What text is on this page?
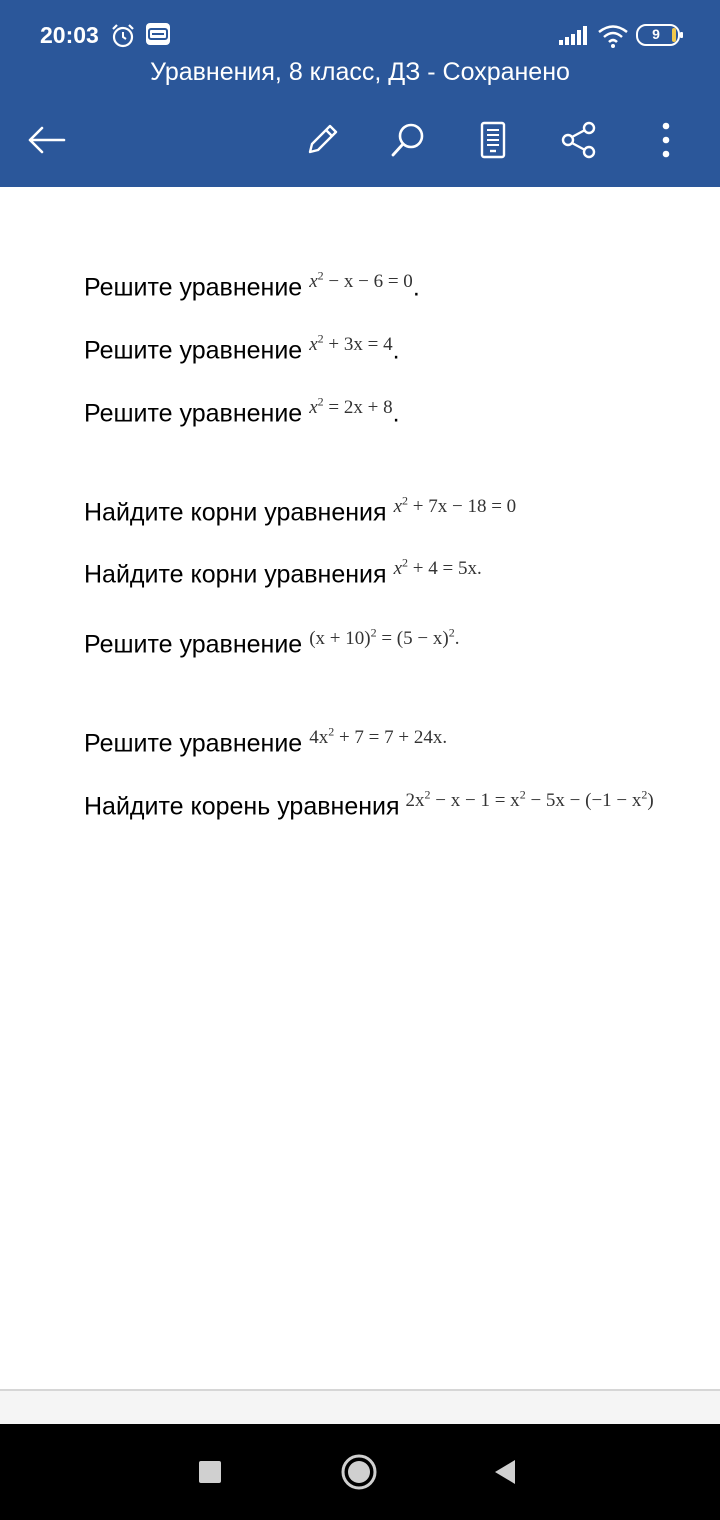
20:03	9
Уравнения, 8 класс, ДЗ - Сохранено
Решите уравнение $^{x^2 - x - 6 = 0}$.
Решите уравнение $^{x^2 + 3x = 4}$.
Решите уравнение $^{x^2 = 2x + 8}$.
Найдите корни уравнения $^{x^2 + 7x - 18 = 0}$
Найдите корни уравнения $^{x^2 + 4 = 5x.}$
Решите уравнение $^{(x + 10)^2 = (5 - x)^2.}$
Решите уравнение $^{4x^2 + 7 = 7 + 24x.}$
Найдите корень уравнения $^{2x^2 - x - 1 = x^2 - 5x - (-1 - x^2)}$
